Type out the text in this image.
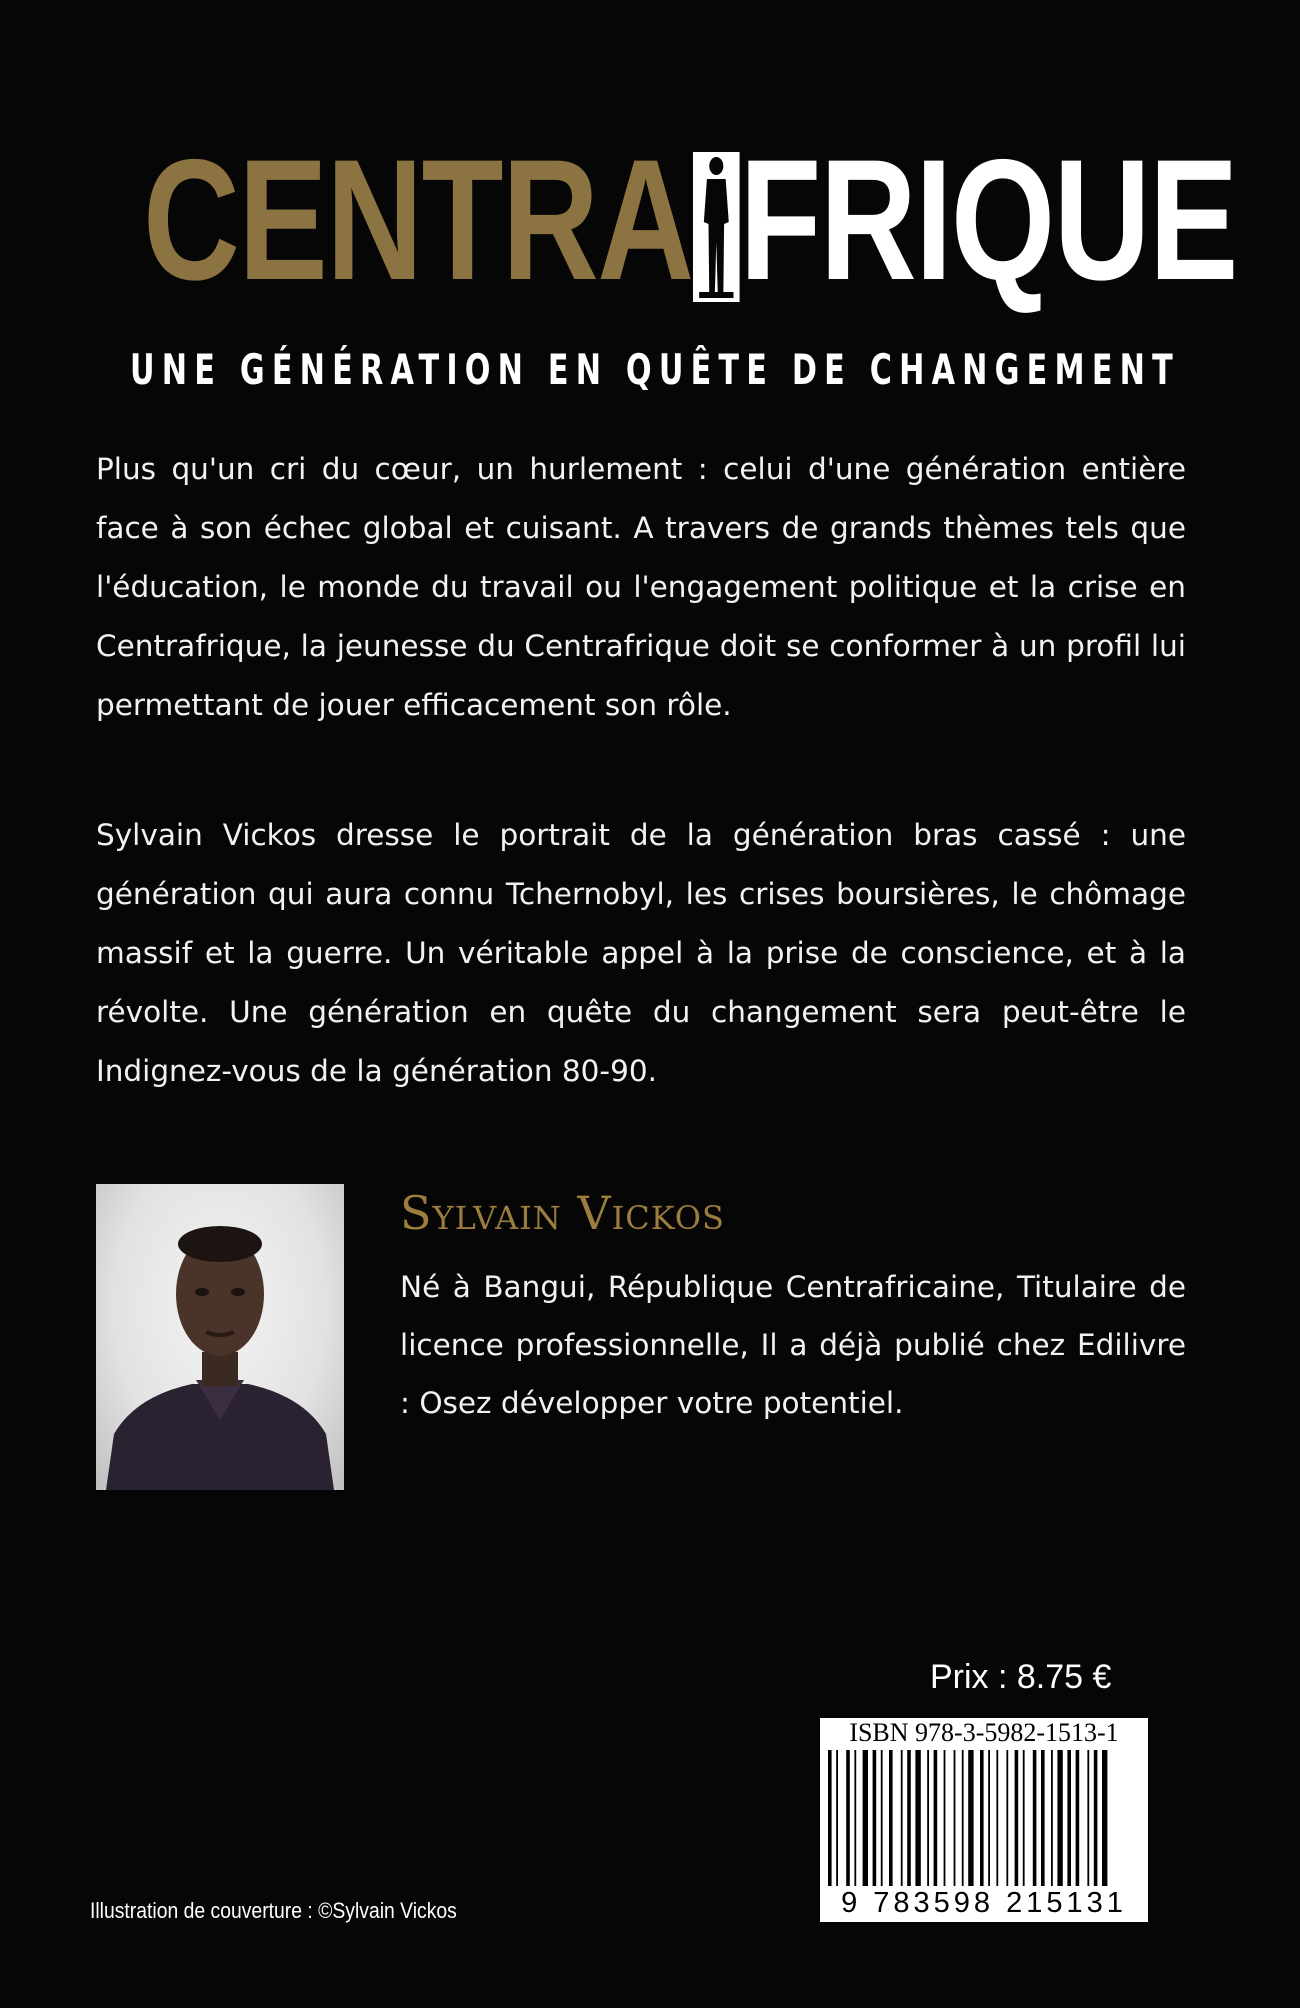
CENTRA FRIQUE
UNE GÉNÉRATION EN QUÊTE DE CHANGEMENT

Plus qu'un cri du cœur, un hurlement : celui d'une génération entière face à son échec global et cuisant. A travers de grands thèmes tels que l'éducation, le monde du travail ou l'engagement politique et la crise en Centrafrique, la jeunesse du Centrafrique doit se conformer à un profil lui permettant de jouer efficacement son rôle.

Sylvain Vickos dresse le portrait de la génération bras cassé : une génération qui aura connu Tchernobyl, les crises boursières, le chômage massif et la guerre. Un véritable appel à la prise de conscience, et à la révolte. Une génération en quête du changement sera peut-être le Indignez-vous de la génération 80-90.

Sylvain Vickos

Né à Bangui, République Centrafricaine, Titulaire de licence professionnelle, Il a déjà publié chez Edilivre : Osez développer votre potentiel.

Prix : 8.75 €
ISBN 978-3-5982-1513-1
9 783598 215131
Illustration de couverture : ©Sylvain Vickos
